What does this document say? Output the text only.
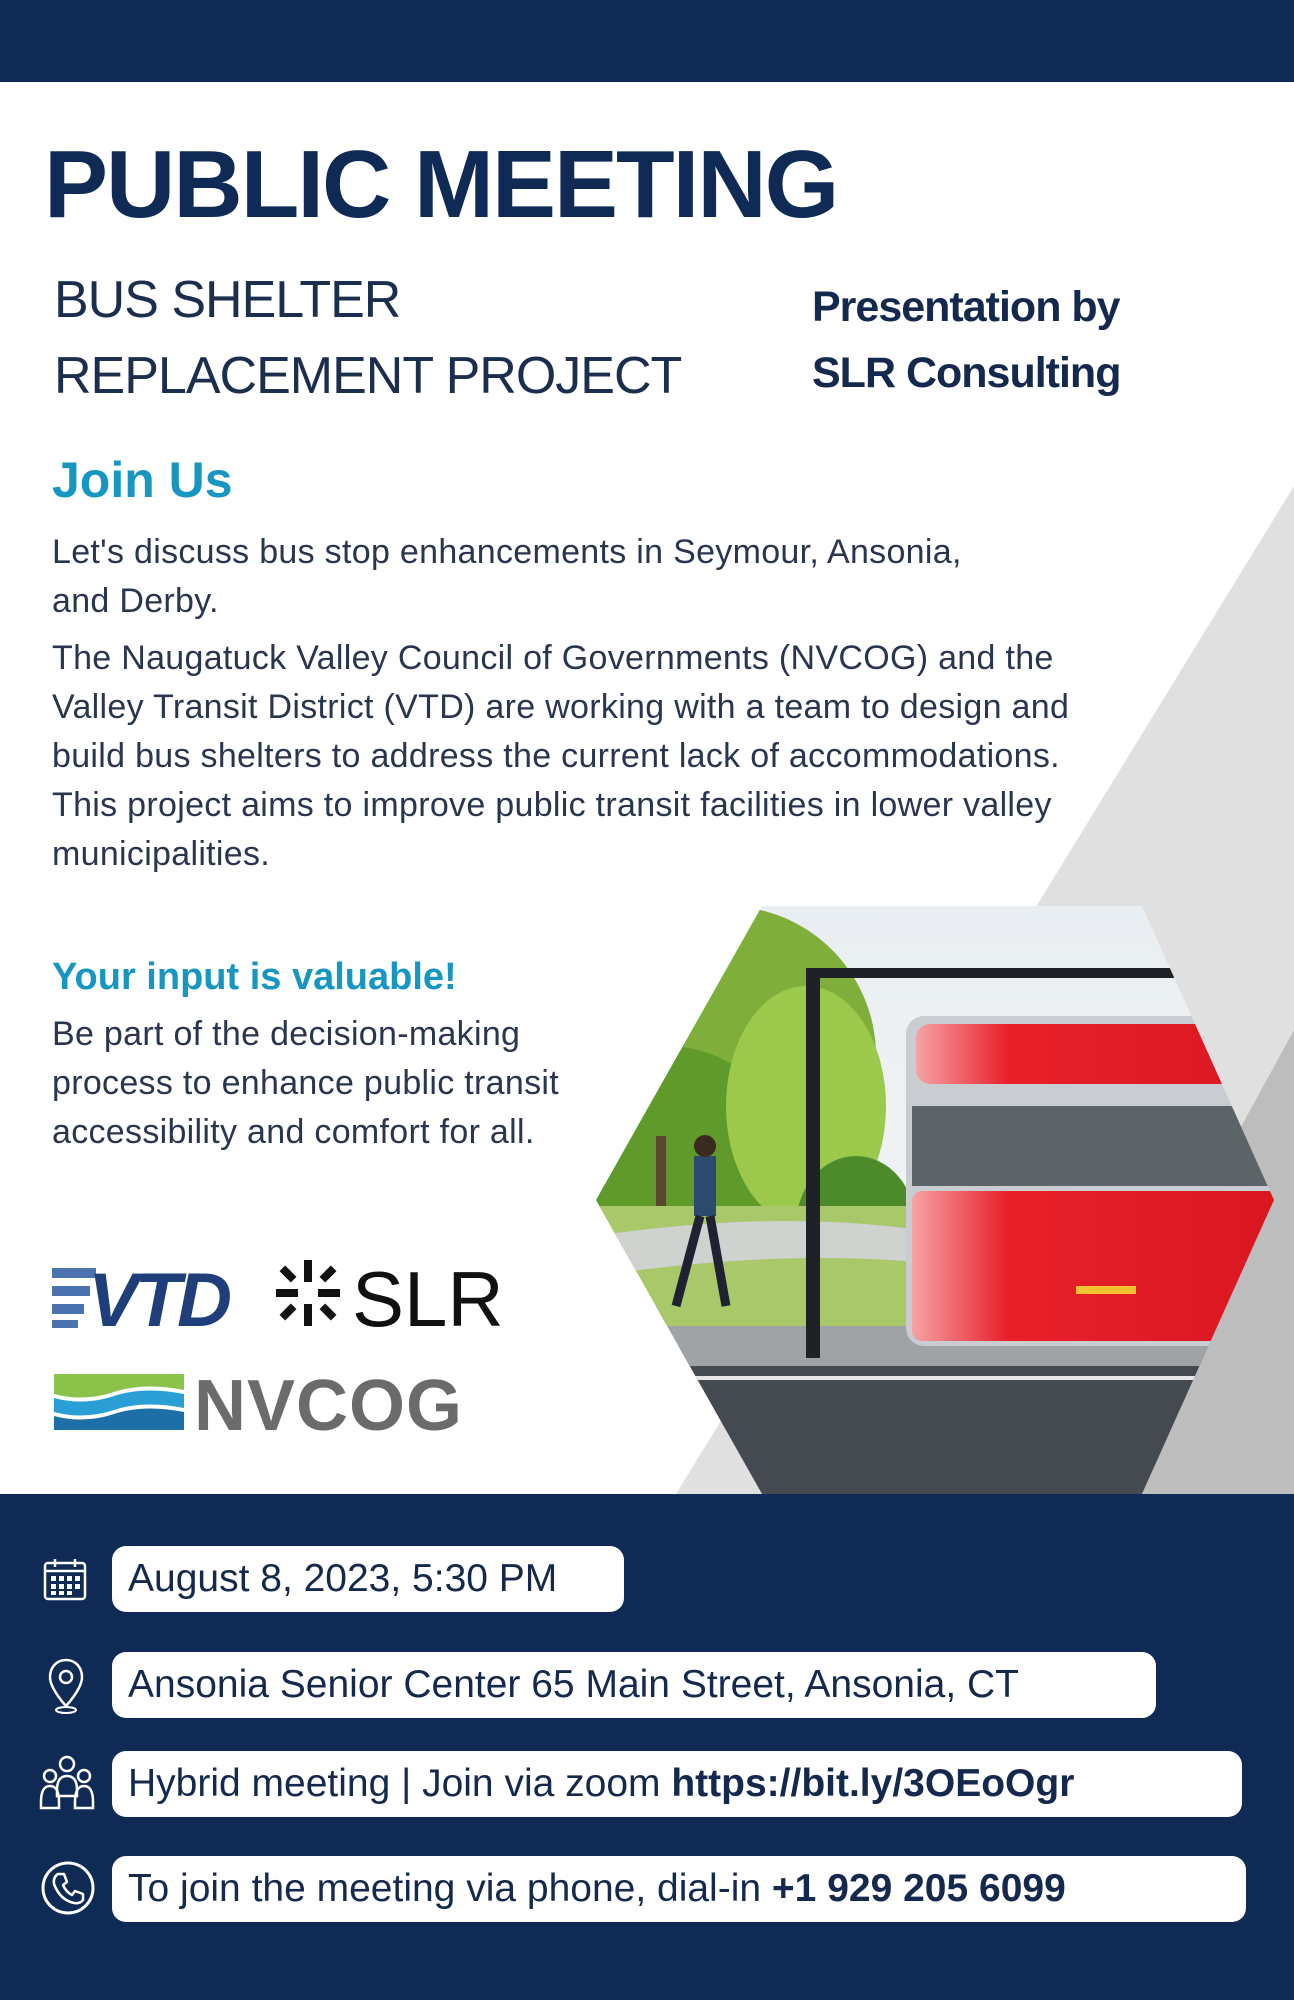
PUBLIC MEETING
BUS SHELTER
REPLACEMENT PROJECT
Presentation by
SLR Consulting
Join Us
Let's discuss bus stop enhancements in Seymour, Ansonia, and Derby.
The Naugatuck Valley Council of Governments (NVCOG) and the Valley Transit District (VTD) are working with a team to design and build bus shelters to address the current lack of accommodations. This project aims to improve public transit facilities in lower valley municipalities.
Your input is valuable!
Be part of the decision-making process to enhance public transit accessibility and comfort for all.
VTD SLR
NVCOG
August 8, 2023, 5:30 PM
Ansonia Senior Center 65 Main Street, Ansonia, CT
Hybrid meeting | Join via zoom https://bit.ly/3OEoOgr
To join the meeting via phone, dial-in +1 929 205 6099
